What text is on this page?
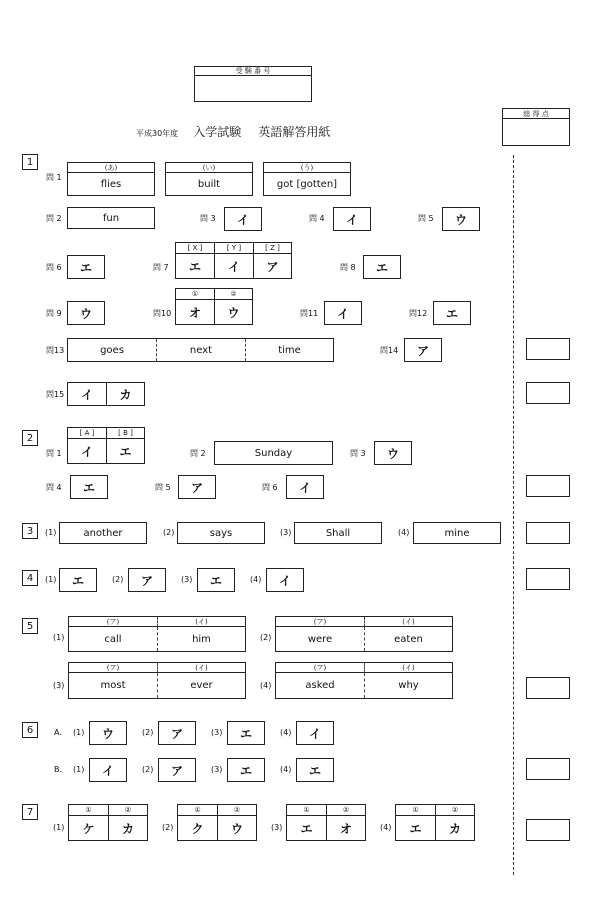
受 験 番 号
平成30年度 入学試験 英語解答用紙
総 得 点
1
問 1
(あ)
flies
(い)
built
(う)
got [gotten]
問 2	fun	問 3	イ	問 4	イ	問 5	ウ
問 6	エ	問 7
[ X ]	[ Y ]	[ Z ]
エ	イ	ア	問 8	エ
問 9	ウ	問10
①	②
オ	ウ	問11	イ	問12	エ
問13	goes	next	time	問14	ア
問15	イ	カ
2
問 1
[ A ]	[ B ]
イ	エ	問 2	Sunday	問 3	ウ
問 4	エ	問 5	ア	問 6	イ
3	(1)	another	(2)	says	(3)	Shall	(4)	mine
4	(1)	エ	(2)	ア	(3)	エ	(4)	イ
5
(1)
(ア)	(イ)
call	him	(2)
(ア)	(イ)
were	eaten
(3)
(ア)	(イ)
most	ever	(4)
(ア)	(イ)
asked	why
6	A. (1)	ウ	(2)	ア	(3)	エ	(4)	イ
B. (1)	イ	(2)	ア	(3)	エ	(4)	エ
7
(1)
①	②
ケ	カ	(2)
①	②
ク	ウ	(3)
①	②
エ	オ	(4)
①	②
エ	カ
